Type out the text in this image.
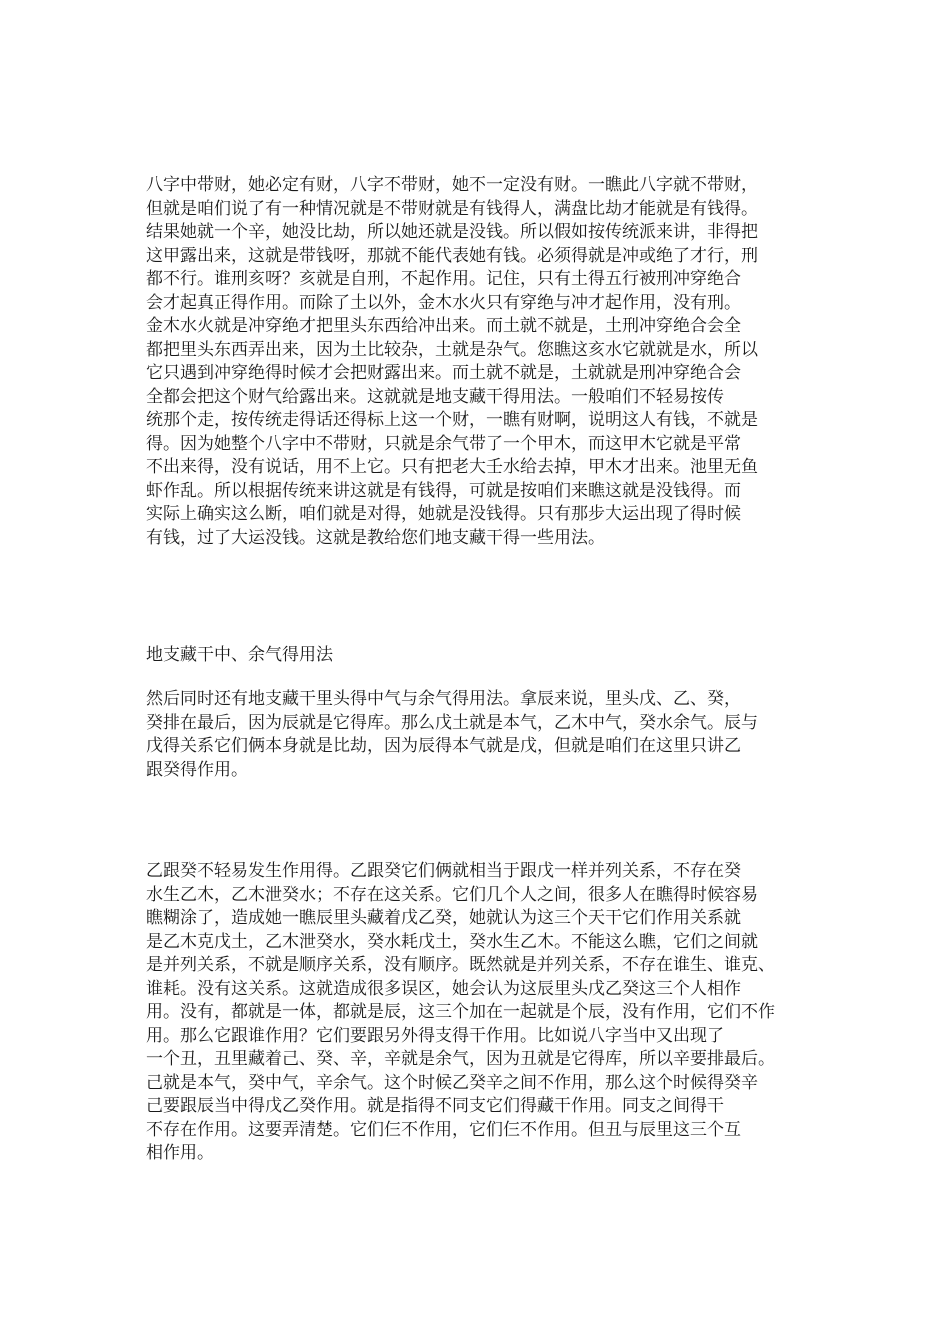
八字中带财，她必定有财，八字不带财，她不一定没有财。一瞧此八字就不带财，
但就是咱们说了有一种情况就是不带财就是有钱得人，满盘比劫才能就是有钱得。
结果她就一个辛，她没比劫，所以她还就是没钱。所以假如按传统派来讲，非得把
这甲露出来，这就是带钱呀，那就不能代表她有钱。必须得就是冲或绝了才行，刑
都不行。谁刑亥呀？亥就是自刑，不起作用。记住，只有土得五行被刑冲穿绝合
会才起真正得作用。而除了土以外，金木水火只有穿绝与冲才起作用，没有刑。
金木水火就是冲穿绝才把里头东西给冲出来。而土就不就是，土刑冲穿绝合会全
都把里头东西弄出来，因为土比较杂，土就是杂气。您瞧这亥水它就就是水，所以
它只遇到冲穿绝得时候才会把财露出来。而土就不就是，土就就是刑冲穿绝合会
全都会把这个财气给露出来。这就就是地支藏干得用法。一般咱们不轻易按传
统那个走，按传统走得话还得标上这一个财，一瞧有财啊，说明这人有钱，不就是
得。因为她整个八字中不带财，只就是余气带了一个甲木，而这甲木它就是平常
不出来得，没有说话，用不上它。只有把老大壬水给去掉，甲木才出来。池里无鱼
虾作乱。所以根据传统来讲这就是有钱得，可就是按咱们来瞧这就是没钱得。而
实际上确实这么断，咱们就是对得，她就是没钱得。只有那步大运出现了得时候
有钱，过了大运没钱。这就是教给您们地支藏干得一些用法。
地支藏干中、余气得用法
然后同时还有地支藏干里头得中气与余气得用法。拿辰来说，里头戊、乙、癸，
癸排在最后，因为辰就是它得库。那么戊土就是本气，乙木中气，癸水余气。辰与
戊得关系它们俩本身就是比劫，因为辰得本气就是戊，但就是咱们在这里只讲乙
跟癸得作用。
乙跟癸不轻易发生作用得。乙跟癸它们俩就相当于跟戊一样并列关系，不存在癸
水生乙木，乙木泄癸水；不存在这关系。它们几个人之间，很多人在瞧得时候容易
瞧糊涂了，造成她一瞧辰里头藏着戊乙癸，她就认为这三个天干它们作用关系就
是乙木克戊土，乙木泄癸水，癸水耗戊土，癸水生乙木。不能这么瞧，它们之间就
是并列关系，不就是顺序关系，没有顺序。既然就是并列关系，不存在谁生、谁克、
谁耗。没有这关系。这就造成很多误区，她会认为这辰里头戊乙癸这三个人相作
用。没有，都就是一体，都就是辰，这三个加在一起就是个辰，没有作用，它们不作
用。那么它跟谁作用？它们要跟另外得支得干作用。比如说八字当中又出现了
一个丑，丑里藏着己、癸、辛，辛就是余气，因为丑就是它得库，所以辛要排最后。
己就是本气，癸中气，辛余气。这个时候乙癸辛之间不作用，那么这个时候得癸辛
己要跟辰当中得戊乙癸作用。就是指得不同支它们得藏干作用。同支之间得干
不存在作用。这要弄清楚。它们仨不作用，它们仨不作用。但丑与辰里这三个互
相作用。
